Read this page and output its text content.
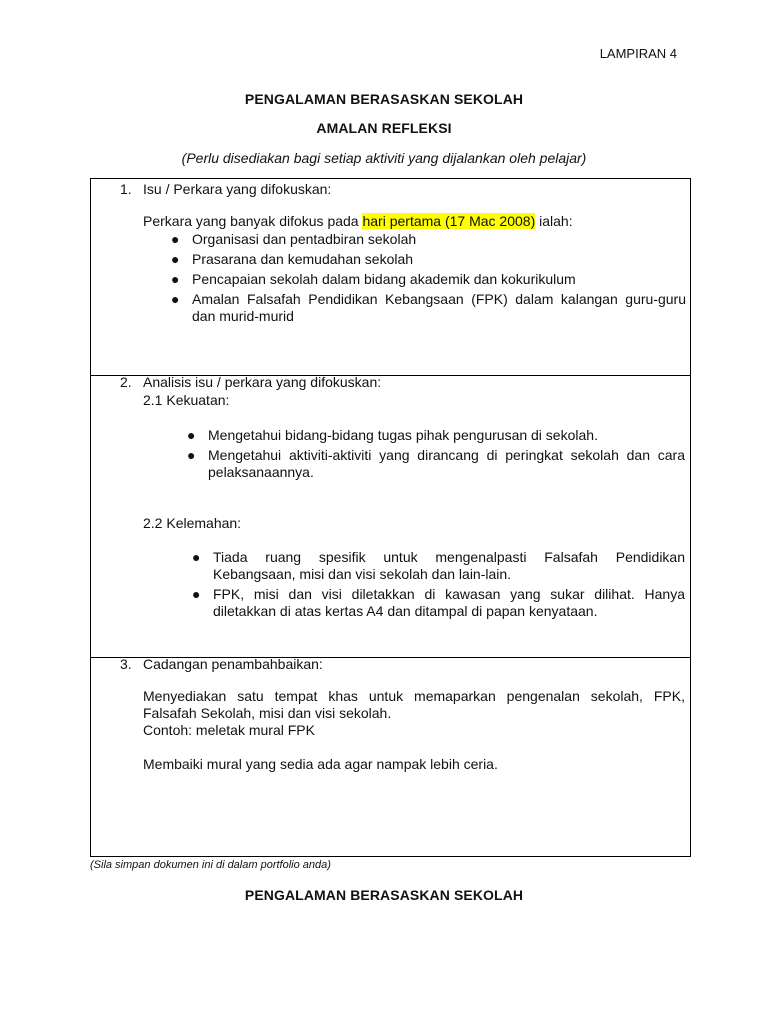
LAMPIRAN 4
PENGALAMAN BERASASKAN SEKOLAH
AMALAN REFLEKSI
(Perlu disediakan bagi setiap aktiviti yang dijalankan oleh pelajar)
1. Isu / Perkara yang difokuskan:
Perkara yang banyak difokus pada hari pertama (17 Mac 2008) ialah:
● Organisasi dan pentadbiran sekolah
● Prasarana dan kemudahan sekolah
● Pencapaian sekolah dalam bidang akademik dan kokurikulum
● Amalan Falsafah Pendidikan Kebangsaan (FPK) dalam kalangan guru-guru dan murid-murid
2. Analisis isu / perkara yang difokuskan:
2.1 Kekuatan:
● Mengetahui bidang-bidang tugas pihak pengurusan di sekolah.
● Mengetahui aktiviti-aktiviti yang dirancang di peringkat sekolah dan cara pelaksanaannya.
2.2 Kelemahan:
● Tiada ruang spesifik untuk mengenalpasti Falsafah Pendidikan Kebangsaan, misi dan visi sekolah dan lain-lain.
● FPK, misi dan visi diletakkan di kawasan yang sukar dilihat. Hanya diletakkan di atas kertas A4 dan ditampal di papan kenyataan.
3. Cadangan penambahbaikan:
Menyediakan satu tempat khas untuk memaparkan pengenalan sekolah, FPK, Falsafah Sekolah, misi dan visi sekolah.
Contoh: meletak mural FPK
Membaiki mural yang sedia ada agar nampak lebih ceria.
(Sila simpan dokumen ini di dalam portfolio anda)
PENGALAMAN BERASASKAN SEKOLAH
